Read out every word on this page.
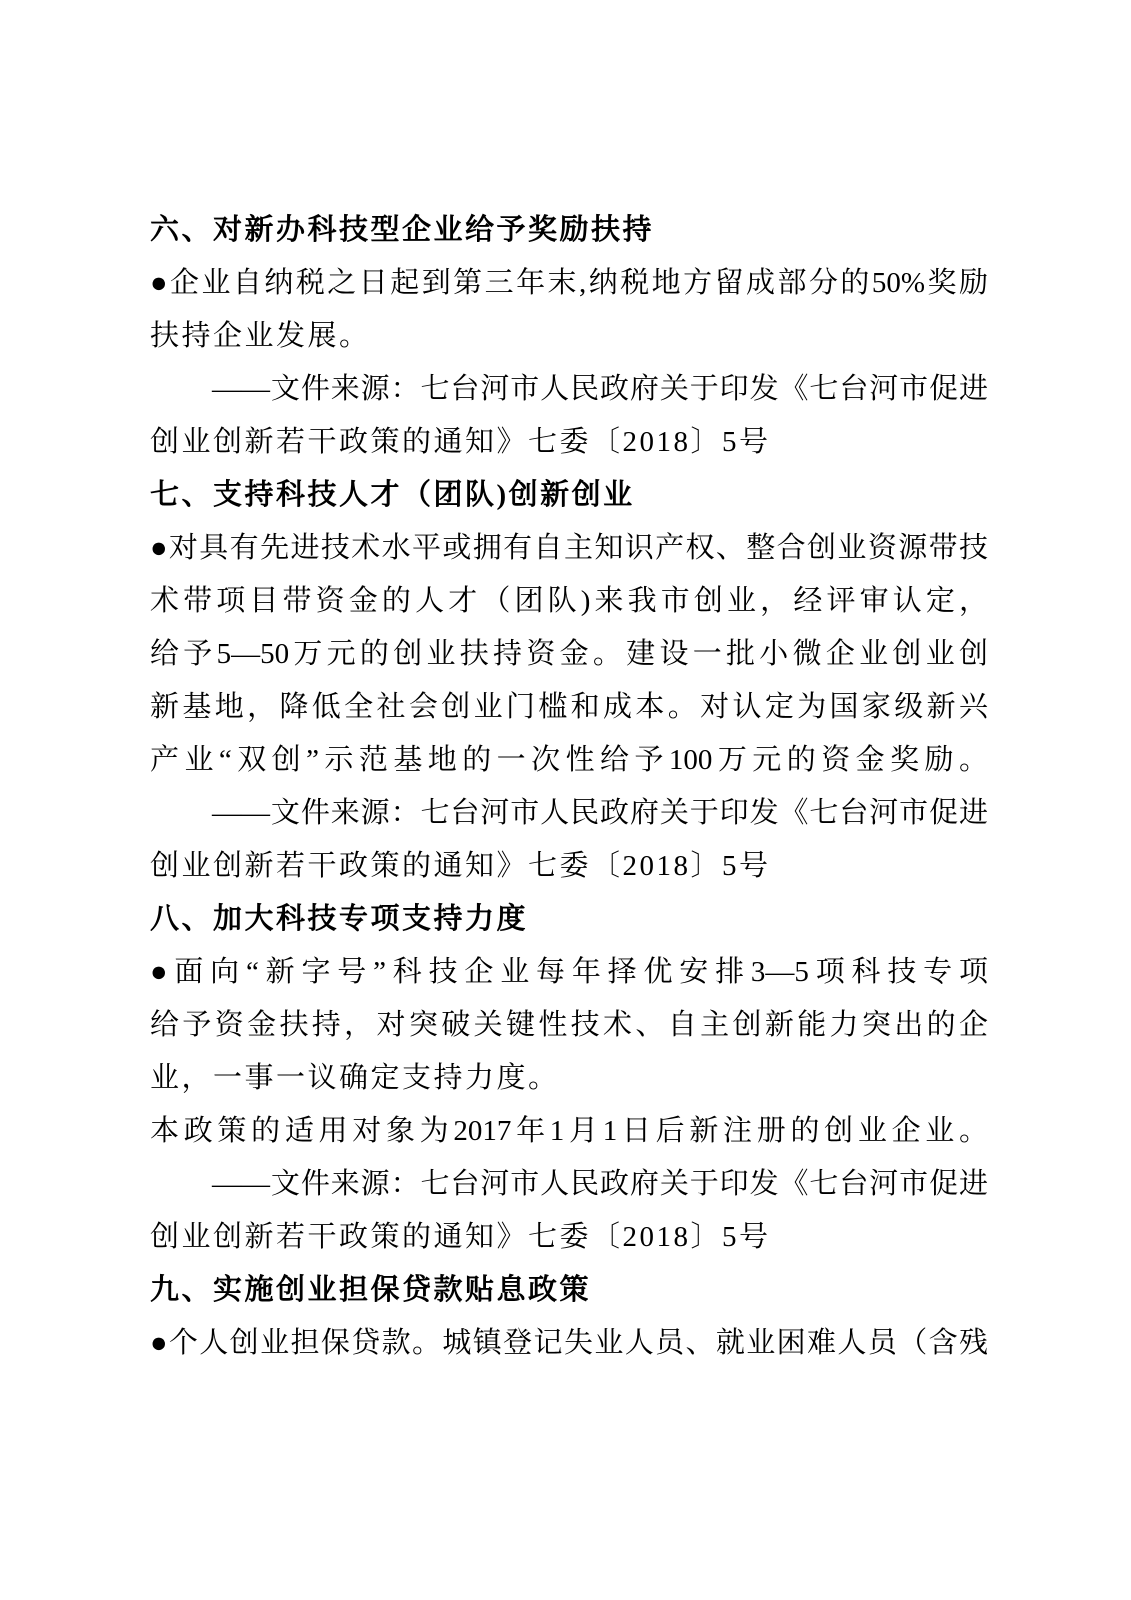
六、对新办科技型企业给予奖励扶持
●企业自纳税之日起到第三年末,纳税地方留成部分的50%奖励
扶持企业发展。
——文件来源：七台河市人民政府关于印发《七台河市促进
创业创新若干政策的通知》七委〔2018〕5号
七、支持科技人才（团队)创新创业
●对具有先进技术水平或拥有自主知识产权、整合创业资源带技
术带项目带资金的人才（团队)来我市创业，经评审认定，
给予5—50万元的创业扶持资金。建设一批小微企业创业创
新基地，降低全社会创业门槛和成本。对认定为国家级新兴
产业“双创”示范基地的一次性给予100万元的资金奖励。
——文件来源：七台河市人民政府关于印发《七台河市促进
创业创新若干政策的通知》七委〔2018〕5号
八、加大科技专项支持力度
●面向“新字号”科技企业每年择优安排3—5项科技专项
给予资金扶持，对突破关键性技术、自主创新能力突出的企
业，一事一议确定支持力度。
本政策的适用对象为2017年1月1日后新注册的创业企业。
——文件来源：七台河市人民政府关于印发《七台河市促进
创业创新若干政策的通知》七委〔2018〕5号
九、实施创业担保贷款贴息政策
●个人创业担保贷款。城镇登记失业人员、就业困难人员（含残
